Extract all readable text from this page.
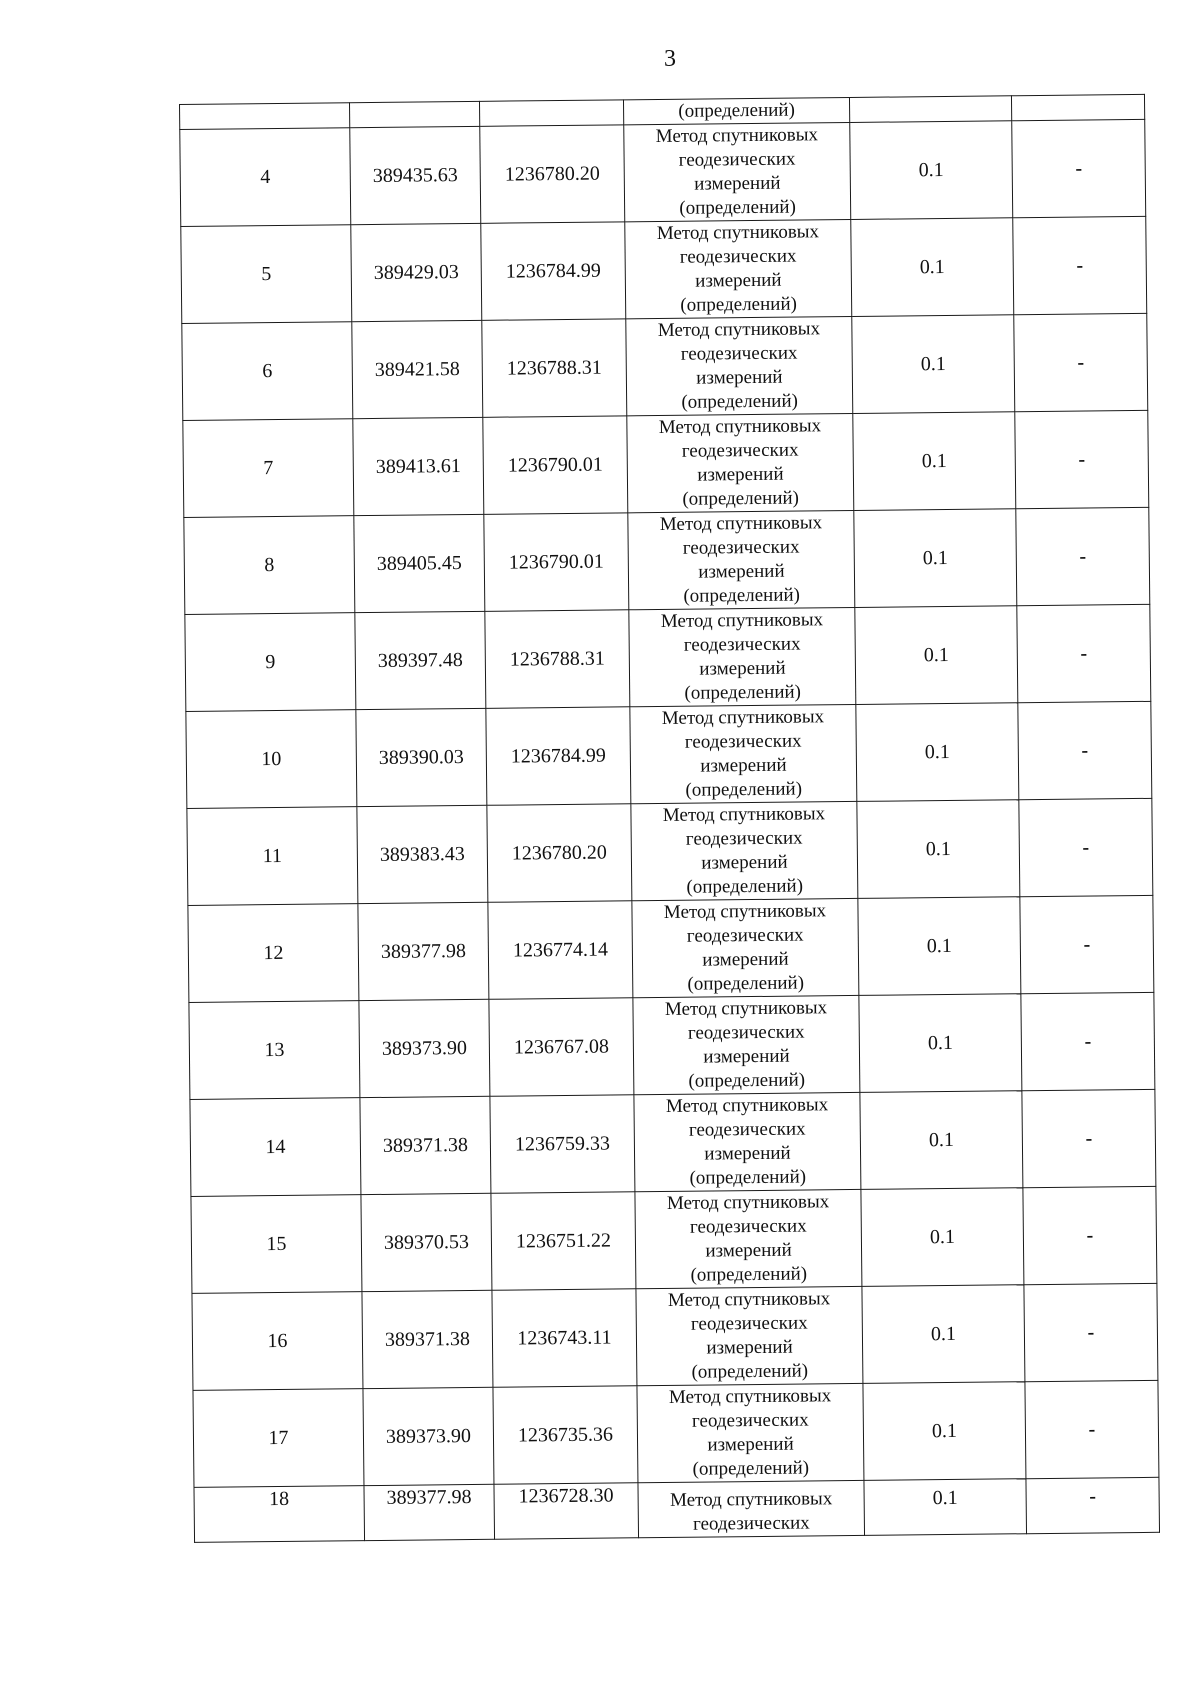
3
			(определений)		
4	389435.63	1236780.20	Метод спутниковых
геодезических
измерений
(определений)	0.1	-
5	389429.03	1236784.99	Метод спутниковых
геодезических
измерений
(определений)	0.1	-
6	389421.58	1236788.31	Метод спутниковых
геодезических
измерений
(определений)	0.1	-
7	389413.61	1236790.01	Метод спутниковых
геодезических
измерений
(определений)	0.1	-
8	389405.45	1236790.01	Метод спутниковых
геодезических
измерений
(определений)	0.1	-
9	389397.48	1236788.31	Метод спутниковых
геодезических
измерений
(определений)	0.1	-
10	389390.03	1236784.99	Метод спутниковых
геодезических
измерений
(определений)	0.1	-
11	389383.43	1236780.20	Метод спутниковых
геодезических
измерений
(определений)	0.1	-
12	389377.98	1236774.14	Метод спутниковых
геодезических
измерений
(определений)	0.1	-
13	389373.90	1236767.08	Метод спутниковых
геодезических
измерений
(определений)	0.1	-
14	389371.38	1236759.33	Метод спутниковых
геодезических
измерений
(определений)	0.1	-
15	389370.53	1236751.22	Метод спутниковых
геодезических
измерений
(определений)	0.1	-
16	389371.38	1236743.11	Метод спутниковых
геодезических
измерений
(определений)	0.1	-
17	389373.90	1236735.36	Метод спутниковых
геодезических
измерений
(определений)	0.1	-
18	389377.98	1236728.30	Метод спутниковых
геодезических	0.1	-
